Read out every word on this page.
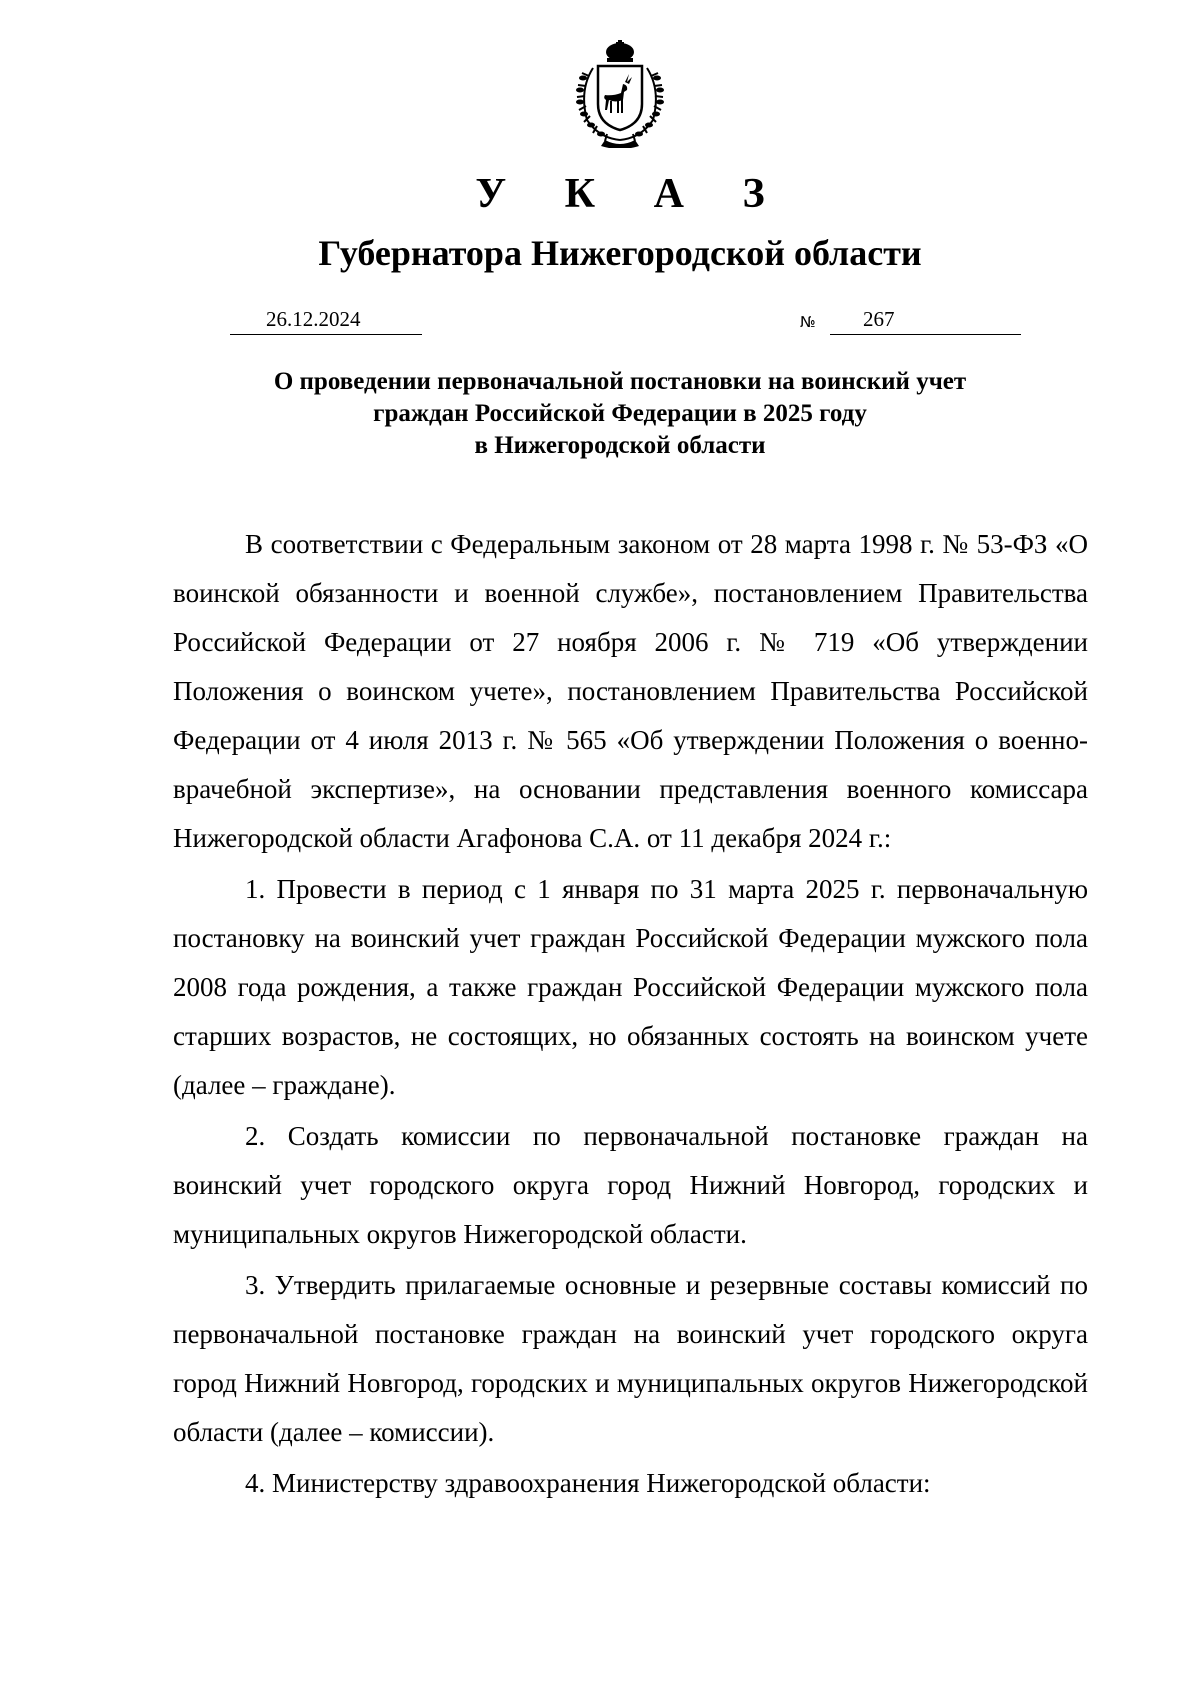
У К А З
Губернатора Нижегородской области
26.12.2024	№ 267
О проведении первоначальной постановки на воинский учет
граждан Российской Федерации в 2025 году
в Нижегородской области

В соответствии с Федеральным законом от 28 марта 1998 г. № 53-ФЗ «О воинской обязанности и военной службе», постановлением Правительства Российской Федерации от 27 ноября 2006 г. № 719 «Об утверждении Положения о воинском учете», постановлением Правительства Российской Федерации от 4 июля 2013 г. № 565 «Об утверждении Положения о военно-врачебной экспертизе», на основании представления военного комиссара Нижегородской области Агафонова С.А. от 11 декабря 2024 г.:

1. Провести в период с 1 января по 31 марта 2025 г. первоначальную постановку на воинский учет граждан Российской Федерации мужского пола 2008 года рождения, а также граждан Российской Федерации мужского пола старших возрастов, не состоящих, но обязанных состоять на воинском учете (далее – граждане).

2. Создать комиссии по первоначальной постановке граждан на воинский учет городского округа город Нижний Новгород, городских и муниципальных округов Нижегородской области.

3. Утвердить прилагаемые основные и резервные составы комиссий по первоначальной постановке граждан на воинский учет городского округа город Нижний Новгород, городских и муниципальных округов Нижегородской области (далее – комиссии).

4. Министерству здравоохранения Нижегородской области:
